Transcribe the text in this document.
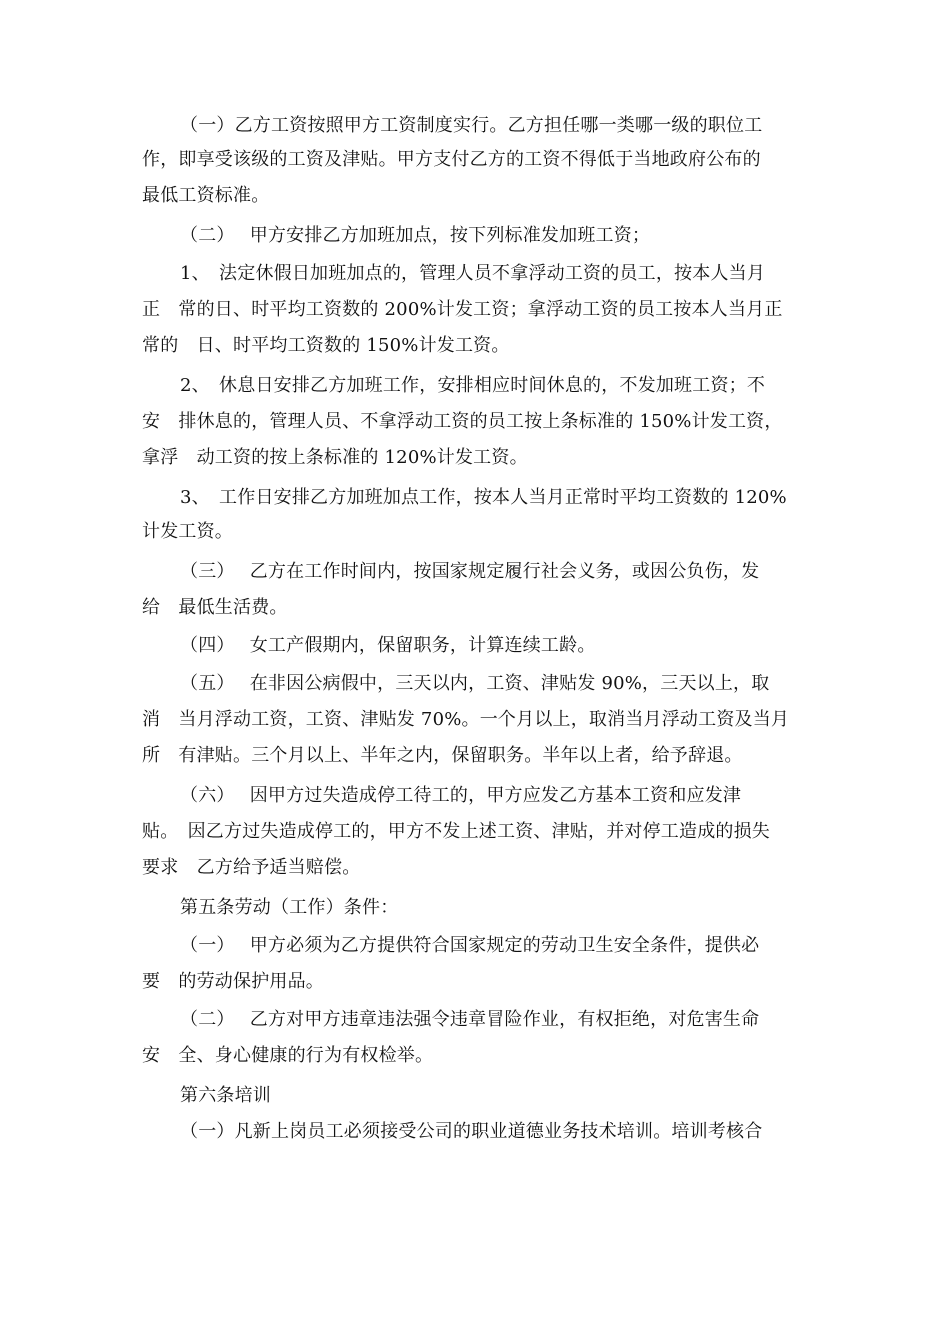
（一）乙方工资按照甲方工资制度实行。乙方担任哪一类哪一级的职位工
作，即享受该级的工资及津贴。甲方支付乙方的工资不得低于当地政府公布的
最低工资标准。
（二）　 甲方安排乙方加班加点，按下列标准发加班工资；
1、　法定休假日加班加点的，管理人员不拿浮动工资的员工，按本人当月
正　常的日、时平均工资数的 200%计发工资；拿浮动工资的员工按本人当月正
常的　日、时平均工资数的 150%计发工资。
2、　休息日安排乙方加班工作，安排相应时间休息的，不发加班工资；不
安　排休息的，管理人员、不拿浮动工资的员工按上条标准的 150%计发工资，
拿浮　动工资的按上条标准的 120%计发工资。
3、　工作日安排乙方加班加点工作，按本人当月正常时平均工资数的 120%
计发工资。
（三）　 乙方在工作时间内，按国家规定履行社会义务，或因公负伤，发
给　最低生活费。
（四）　 女工产假期内，保留职务，计算连续工龄。
（五）　 在非因公病假中，三天以内，工资、津贴发 90%，三天以上，取
消　当月浮动工资，工资、津贴发 70%。一个月以上，取消当月浮动工资及当月
所　有津贴。三个月以上、半年之内，保留职务。半年以上者，给予辞退。
（六）　 因甲方过失造成停工待工的，甲方应发乙方基本工资和应发津
贴。　因乙方过失造成停工的，甲方不发上述工资、津贴，并对停工造成的损失
要求　乙方给予适当赔偿。
第五条劳动（工作）条件：
（一）　 甲方必须为乙方提供符合国家规定的劳动卫生安全条件，提供必
要　的劳动保护用品。
（二）　 乙方对甲方违章违法强令违章冒险作业，有权拒绝，对危害生命
安　全、身心健康的行为有权检举。
第六条培训
（一）凡新上岗员工必须接受公司的职业道德业务技术培训。培训考核合
